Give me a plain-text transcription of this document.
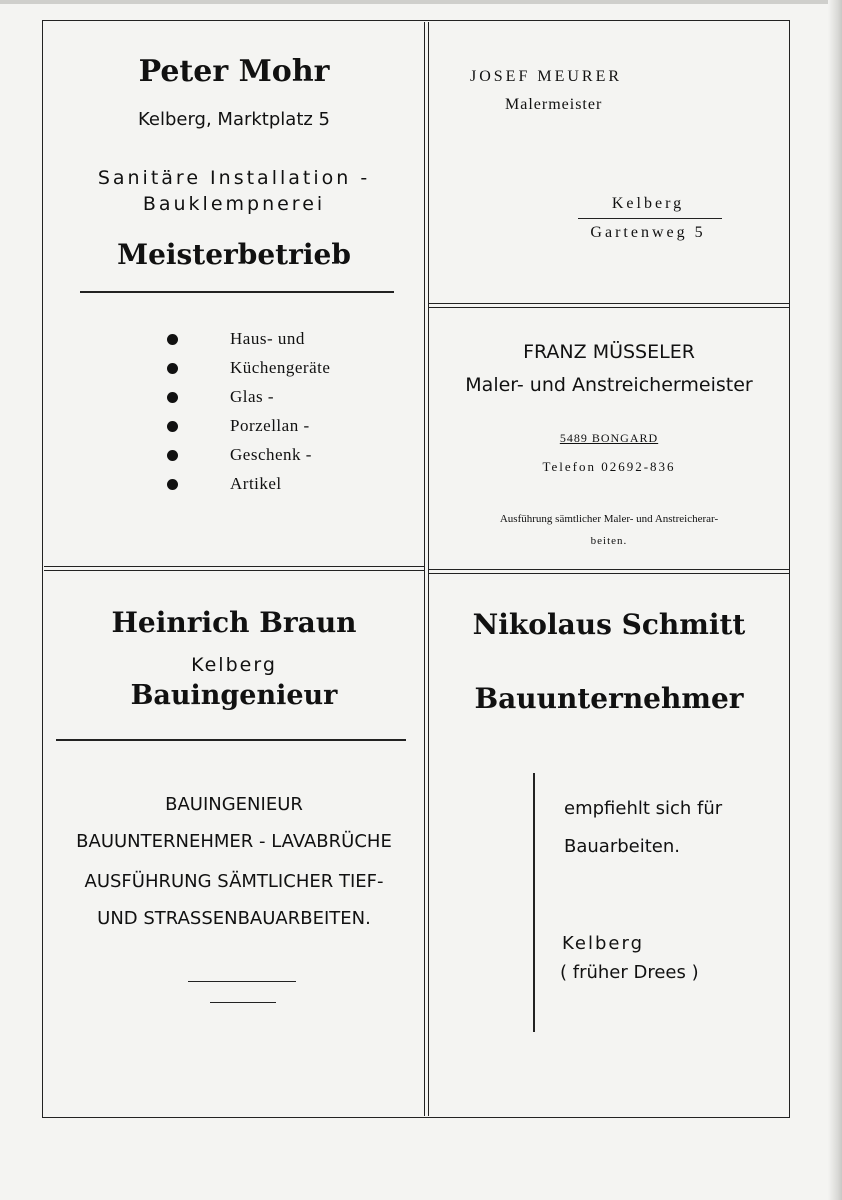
Peter Mohr
Kelberg, Marktplatz 5
Sanitäre Installation -
Bauklempnerei
Meisterbetrieb
Haus- und
Küchengeräte
Glas -
Porzellan -
Geschenk -
Artikel
JOSEF MEURER
Malermeister
Kelberg
Gartenweg 5
FRANZ MÜSSELER
Maler- und Anstreichermeister
5489 BONGARD
Telefon 02692-836
Ausführung sämtlicher Maler- und Anstreicherar-
beiten.
Heinrich Braun
Kelberg
Bauingenieur
BAUINGENIEUR
BAUUNTERNEHMER - LAVABRÜCHE
AUSFÜHRUNG SÄMTLICHER TIEF-
UND STRASSENBAUARBEITEN.
Nikolaus Schmitt
Bauunternehmer
empfiehlt sich für
Bauarbeiten.
Kelberg
( früher Drees )
